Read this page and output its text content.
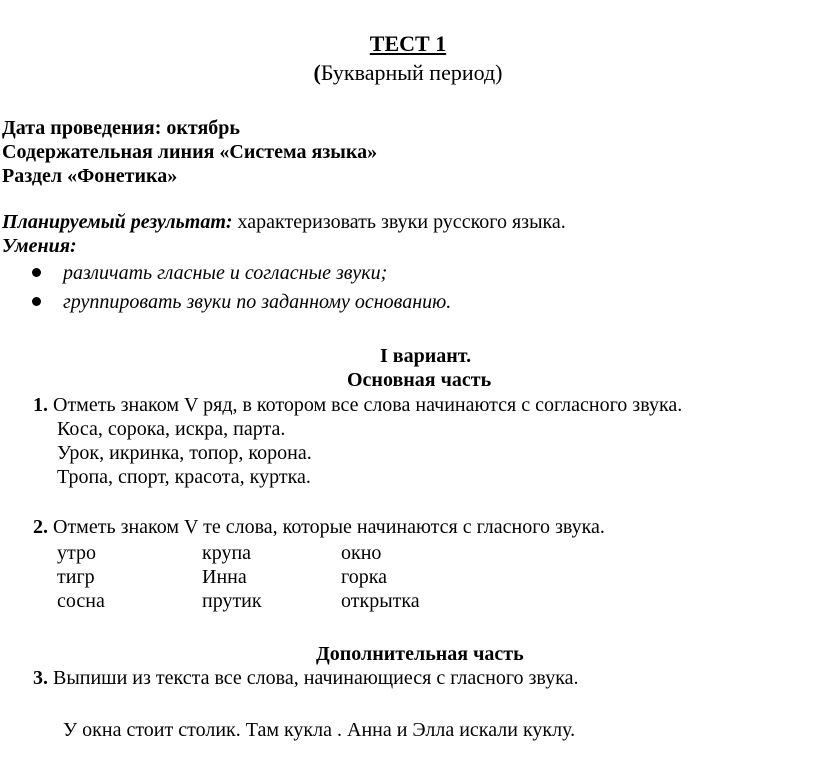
ТЕСТ 1
(Букварный период)
Дата проведения: октябрь
Содержательная линия «Система языка»
Раздел «Фонетика»
Планируемый результат: характеризовать звуки русского языка.
Умения:
различать гласные и согласные звуки;
группировать звуки по заданному основанию.
I вариант.
Основная часть
1. Отметь знаком V ряд, в котором все слова начинаются с согласного звука.
Коса, сорока, искра, парта.
Урок, икринка, топор, корона.
Тропа, спорт, красота, куртка.
2. Отметь знаком V те слова, которые начинаются с гласного звука.
утро	крупа	окно
тигр	Инна	горка
сосна	прутик	открытка
Дополнительная часть
3. Выпиши из текста все слова, начинающиеся с гласного звука.
У окна стоит столик. Там кукла . Анна и Элла искали куклу.
